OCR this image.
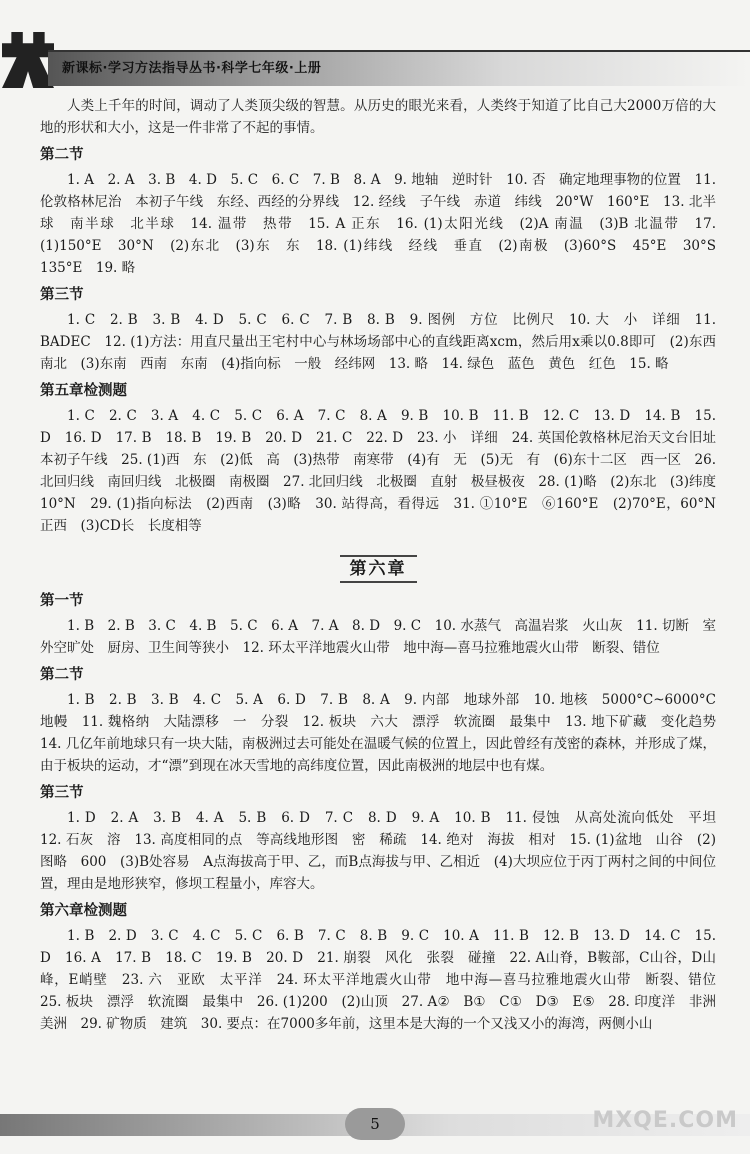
新课标·学习方法指导丛书·科学七年级·上册

人类上千年的时间，调动了人类顶尖级的智慧。从历史的眼光来看，人类终于知道了比自己大2000万倍的大地的形状和大小，这是一件非常了不起的事情。

第二节

1. A　2. A　3. B　4. D　5. C　6. C　7. B　8. A　9. 地轴　逆时针　10. 否　确定地理事物的位置　11. 伦敦格林尼治　本初子午线　东经、西经的分界线　12. 经线　子午线　赤道　纬线　20°W　160°E　13. 北半球　南半球　北半球　14. 温带　热带　15. A 正东　16. (1)太阳光线　(2)A 南温　(3)B 北温带　17. (1)150°E　30°N　(2)东北　(3)东　东　18. (1)纬线　经线　垂直　(2)南极　(3)60°S　45°E　30°S　135°E　19. 略

第三节

1. C　2. B　3. B　4. D　5. C　6. C　7. B　8. B　9. 图例　方位　比例尺　10. 大　小　详细　11. BADEC　12. (1)方法：用直尺量出王宅村中心与林场场部中心的直线距离xcm，然后用x乘以0.8即可　(2)东西　南北　(3)东南　西南　东南　(4)指向标　一般　经纬网　13. 略　14. 绿色　蓝色　黄色　红色　15. 略

第五章检测题

1. C　2. C　3. A　4. C　5. C　6. A　7. C　8. A　9. B　10. B　11. B　12. C　13. D　14. B　15. D　16. D　17. B　18. B　19. B　20. D　21. C　22. D　23. 小　详细　24. 英国伦敦格林尼治天文台旧址　本初子午线　25. (1)西　东　(2)低　高　(3)热带　南寒带　(4)有　无　(5)无　有　(6)东十二区　西一区　26. 北回归线　南回归线　北极圈　南极圈　27. 北回归线　北极圈　直射　极昼极夜　28. (1)略　(2)东北　(3)纬度10°N　29. (1)指向标法　(2)西南　(3)略　30. 站得高，看得远　31. ①10°E　⑥160°E　(2)70°E，60°N　正西　(3)CD长　长度相等

第六章
第一节

1. B　2. B　3. C　4. B　5. C　6. A　7. A　8. D　9. C　10. 水蒸气　高温岩浆　火山灰　11. 切断　室外空旷处　厨房、卫生间等狭小　12. 环太平洋地震火山带　地中海—喜马拉雅地震火山带　断裂、错位

第二节

1. B　2. B　3. B　4. C　5. A　6. D　7. B　8. A　9. 内部　地球外部　10. 地核　5000°C~6000°C　地幔　11. 魏格纳　大陆漂移　一　分裂　12. 板块　六大　漂浮　软流圈　最集中　13. 地下矿藏　变化趋势　14. 几亿年前地球只有一块大陆，南极洲过去可能处在温暖气候的位置上，因此曾经有茂密的森林，并形成了煤，由于板块的运动，才“漂”到现在冰天雪地的高纬度位置，因此南极洲的地层中也有煤。

第三节

1. D　2. A　3. B　4. A　5. B　6. D　7. C　8. D　9. A　10. B　11. 侵蚀　从高处流向低处　平坦　12. 石灰　溶　13. 高度相同的点　等高线地形图　密　稀疏　14. 绝对　海拔　相对　15. (1)盆地　山谷　(2)图略　600　(3)B处容易　A点海拔高于甲、乙，而B点海拔与甲、乙相近　(4)大坝应位于丙丁两村之间的中间位置，理由是地形狭窄，修坝工程量小，库容大。

第六章检测题

1. B　2. D　3. C　4. C　5. C　6. B　7. C　8. B　9. C　10. A　11. B　12. B　13. D　14. C　15. D　16. A　17. B　18. C　19. B　20. D　21. 崩裂　风化　张裂　碰撞　22. A山脊，B鞍部，C山谷，D山峰，E峭壁　23. 六　亚欧　太平洋　24. 环太平洋地震火山带　地中海—喜马拉雅地震火山带　断裂、错位　25. 板块　漂浮　软流圈　最集中　26. (1)200　(2)山顶　27. A②　B①　C①　D③　E⑤　28. 印度洋　非洲　美洲　29. 矿物质　建筑　30. 要点：在7000多年前，这里本是大海的一个又浅又小的海湾，两侧小山

5	MXQE.COM
